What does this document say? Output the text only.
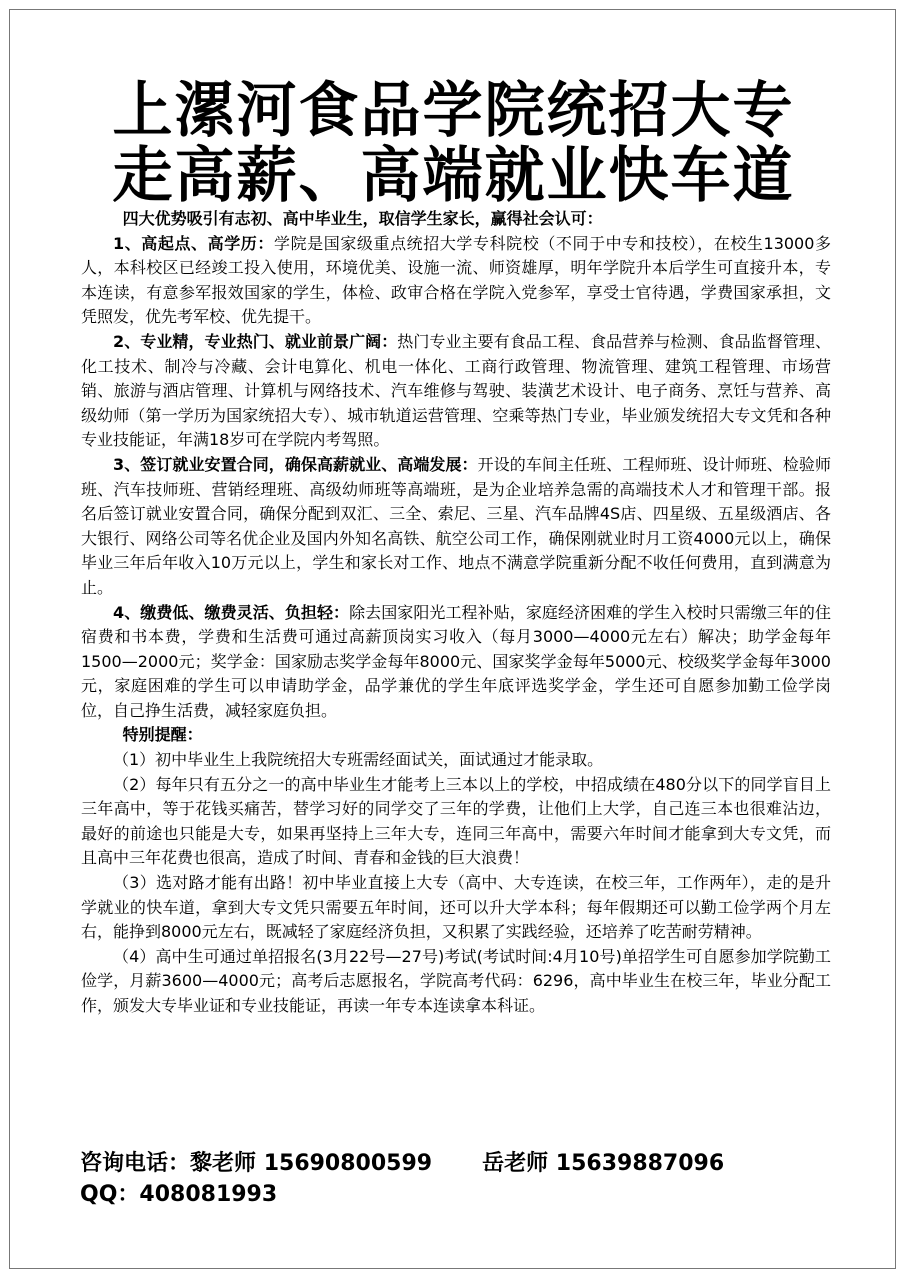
上漯河食品学院统招大专
走高薪、高端就业快车道

四大优势吸引有志初、高中毕业生，取信学生家长，赢得社会认可：

1、高起点、高学历：学院是国家级重点统招大学专科院校（不同于中专和技校），在校生13000多人，本科校区已经竣工投入使用，环境优美、设施一流、师资雄厚，明年学院升本后学生可直接升本，专本连读，有意参军报效国家的学生，体检、政审合格在学院入党参军，享受士官待遇，学费国家承担，文凭照发，优先考军校、优先提干。

2、专业精，专业热门、就业前景广阔：热门专业主要有食品工程、食品营养与检测、食品监督管理、化工技术、制冷与冷藏、会计电算化、机电一体化、工商行政管理、物流管理、建筑工程管理、市场营销、旅游与酒店管理、计算机与网络技术、汽车维修与驾驶、装潢艺术设计、电子商务、烹饪与营养、高级幼师（第一学历为国家统招大专）、城市轨道运营管理、空乘等热门专业，毕业颁发统招大专文凭和各种专业技能证，年满18岁可在学院内考驾照。

3、签订就业安置合同，确保高薪就业、高端发展：开设的车间主任班、工程师班、设计师班、检验师班、汽车技师班、营销经理班、高级幼师班等高端班，是为企业培养急需的高端技术人才和管理干部。报名后签订就业安置合同，确保分配到双汇、三全、索尼、三星、汽车品牌4S店、四星级、五星级酒店、各大银行、网络公司等名优企业及国内外知名高铁、航空公司工作，确保刚就业时月工资4000元以上，确保毕业三年后年收入10万元以上，学生和家长对工作、地点不满意学院重新分配不收任何费用，直到满意为止。

4、缴费低、缴费灵活、负担轻：除去国家阳光工程补贴，家庭经济困难的学生入校时只需缴三年的住宿费和书本费，学费和生活费可通过高薪顶岗实习收入（每月3000—4000元左右）解决；助学金每年1500—2000元；奖学金：国家励志奖学金每年8000元、国家奖学金每年5000元、校级奖学金每年3000元，家庭困难的学生可以申请助学金，品学兼优的学生年底评选奖学金，学生还可自愿参加勤工俭学岗位，自己挣生活费，减轻家庭负担。

特别提醒：

（1）初中毕业生上我院统招大专班需经面试关，面试通过才能录取。

（2）每年只有五分之一的高中毕业生才能考上三本以上的学校，中招成绩在480分以下的同学盲目上三年高中，等于花钱买痛苦，替学习好的同学交了三年的学费，让他们上大学，自己连三本也很难沾边，最好的前途也只能是大专，如果再坚持上三年大专，连同三年高中，需要六年时间才能拿到大专文凭，而且高中三年花费也很高，造成了时间、青春和金钱的巨大浪费！

（3）选对路才能有出路！初中毕业直接上大专（高中、大专连读，在校三年，工作两年），走的是升学就业的快车道，拿到大专文凭只需要五年时间，还可以升大学本科；每年假期还可以勤工俭学两个月左右，能挣到8000元左右，既减轻了家庭经济负担，又积累了实践经验，还培养了吃苦耐劳精神。

（4）高中生可通过单招报名(3月22号—27号)考试(考试时间:4月10号)单招学生可自愿参加学院勤工俭学，月薪3600—4000元；高考后志愿报名，学院高考代码：6296，高中毕业生在校三年，毕业分配工作，颁发大专毕业证和专业技能证，再读一年专本连读拿本科证。

咨询电话：黎老师 15690800599 岳老师 15639887096
QQ：408081993
